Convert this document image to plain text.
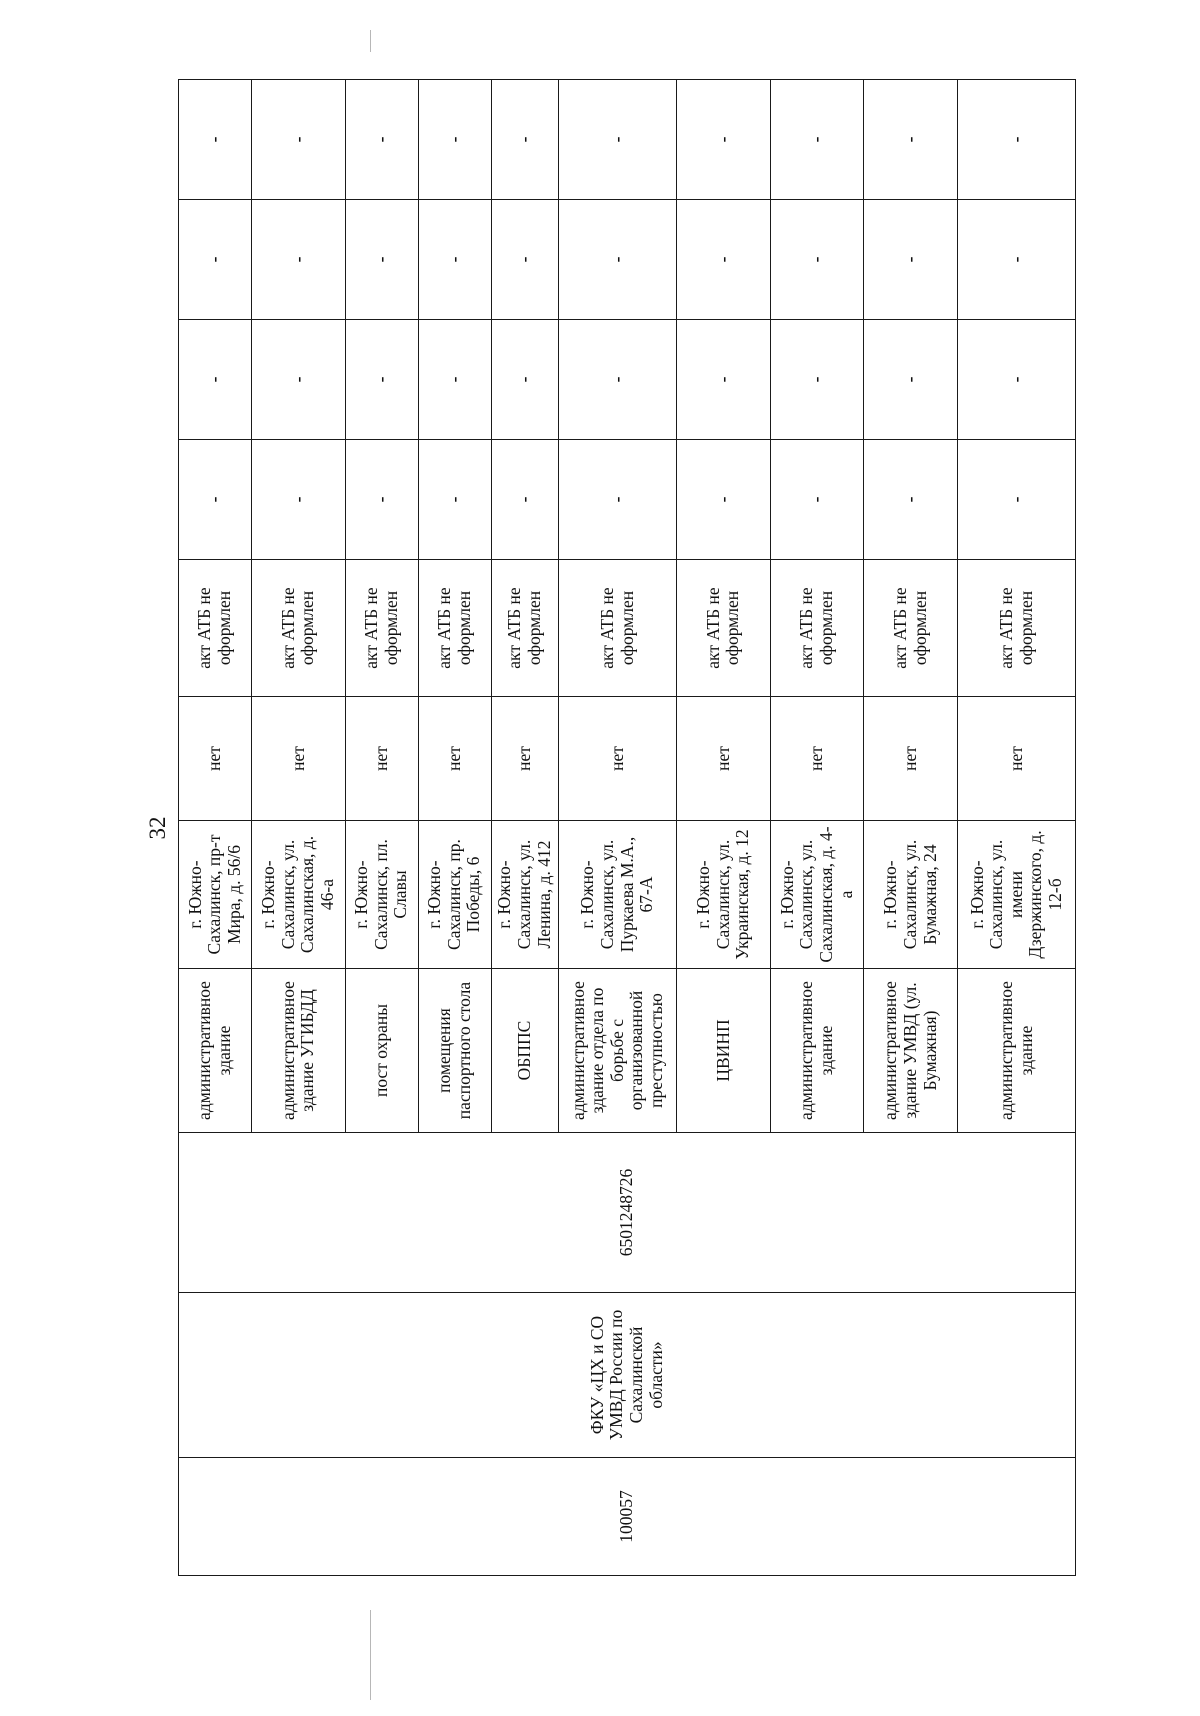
32
100057	ФКУ «ЦХ и СО УМВД России по Сахалинской области»	6501248726	административное здание	г. Южно-Сахалинск, пр-т Мира, д. 56/6	нет	акт АТБ не оформлен	-	-	-	-
			административное здание УГИБДД	г. Южно-Сахалинск, ул. Сахалинская, д. 46-а	нет	акт АТБ не оформлен	-	-	-	-
			пост охраны	г. Южно-Сахалинск, пл. Славы	нет	акт АТБ не оформлен	-	-	-	-
			помещения паспортного стола	г. Южно-Сахалинск, пр. Победы, 6	нет	акт АТБ не оформлен	-	-	-	-
			ОБППС	г. Южно-Сахалинск, ул. Ленина, д. 412	нет	акт АТБ не оформлен	-	-	-	-
			административное здание отдела по борьбе с организованной преступностью	г. Южно-Сахалинск, ул. Пуркаева М.А., 67-А	нет	акт АТБ не оформлен	-	-	-	-
			ЦВИНП	г. Южно-Сахалинск, ул. Украинская, д. 12	нет	акт АТБ не оформлен	-	-	-	-
			административное здание	г. Южно-Сахалинск, ул. Сахалинская, д. 4-а	нет	акт АТБ не оформлен	-	-	-	-
			административное здание УМВД (ул. Бумажная)	г. Южно-Сахалинск, ул. Бумажная, 24	нет	акт АТБ не оформлен	-	-	-	-
			административное здание	г. Южно-Сахалинск, ул. имени Дзержинского, д. 12-б	нет	акт АТБ не оформлен	-	-	-	-
